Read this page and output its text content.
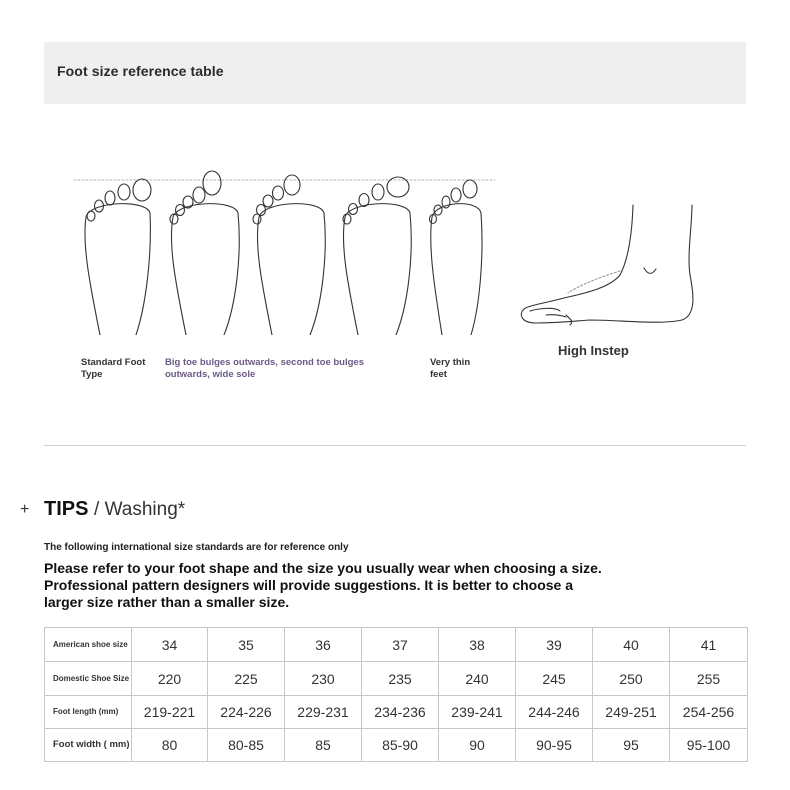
Foot size reference table
Standard Foot Type
Big toe bulges outwards, second toe bulges outwards, wide sole
Very thin feet
High Instep
+ TIPS / Washing*
The following international size standards are for reference only
Please refer to your foot shape and the size you usually wear when choosing a size. Professional pattern designers will provide suggestions. It is better to choose a larger size rather than a smaller size.
American shoe size	34	35	36	37	38	39	40	41
Domestic Shoe Size	220	225	230	235	240	245	250	255
Foot length (mm)	219-221	224-226	229-231	234-236	239-241	244-246	249-251	254-256
Foot width ( mm)	80	80-85	85	85-90	90	90-95	95	95-100
